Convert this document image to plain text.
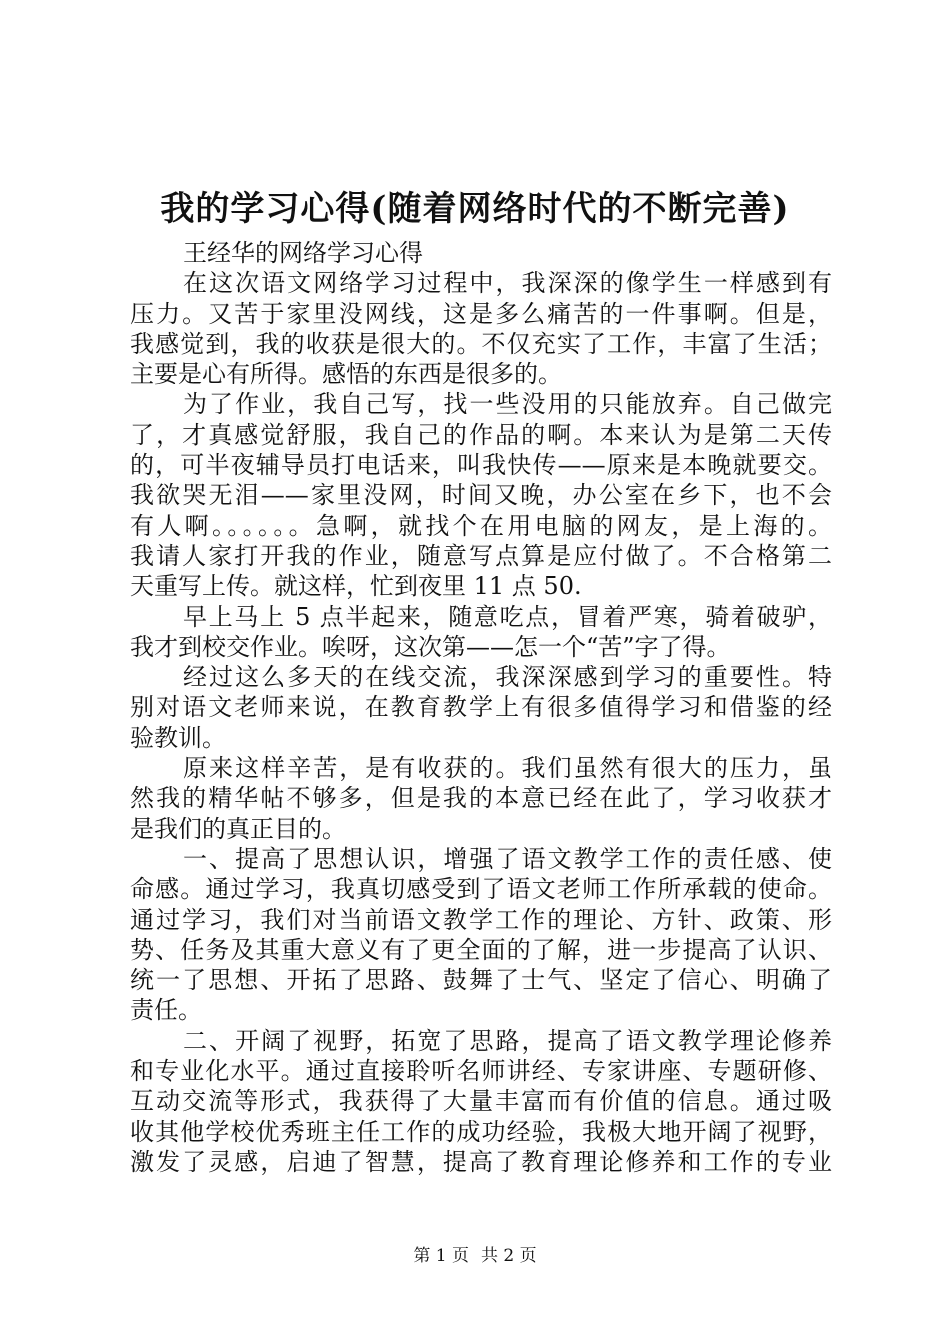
我的学习心得(随着网络时代的不断完善)
王经华的网络学习心得
在这次语文网络学习过程中，我深深的像学生一样感到有
压力。又苦于家里没网线，这是多么痛苦的一件事啊。但是，
我感觉到，我的收获是很大的。不仅充实了工作，丰富了生活；
主要是心有所得。感悟的东西是很多的。
为了作业，我自己写，找一些没用的只能放弃。自己做完
了，才真感觉舒服，我自己的作品的啊。本来认为是第二天传
的，可半夜辅导员打电话来，叫我快传——原来是本晚就要交。
我欲哭无泪——家里没网，时间又晚，办公室在乡下，也不会
有人啊。。。。。。急啊，就找个在用电脑的网友，是上海的。
我请人家打开我的作业，随意写点算是应付做了。不合格第二
天重写上传。就这样，忙到夜里 11 点 50.
早上马上 5 点半起来，随意吃点，冒着严寒，骑着破驴，
我才到校交作业。唉呀，这次第——怎一个“苦”字了得。
经过这么多天的在线交流，我深深感到学习的重要性。特
别对语文老师来说，在教育教学上有很多值得学习和借鉴的经
验教训。
原来这样辛苦，是有收获的。我们虽然有很大的压力，虽
然我的精华帖不够多，但是我的本意已经在此了，学习收获才
是我们的真正目的。
一、提高了思想认识，增强了语文教学工作的责任感、使
命感。通过学习，我真切感受到了语文老师工作所承载的使命。
通过学习，我们对当前语文教学工作的理论、方针、政策、形
势、任务及其重大意义有了更全面的了解，进一步提高了认识、
统一了思想、开拓了思路、鼓舞了士气、坚定了信心、明确了
责任。
二、开阔了视野，拓宽了思路，提高了语文教学理论修养
和专业化水平。通过直接聆听名师讲经、专家讲座、专题研修、
互动交流等形式，我获得了大量丰富而有价值的信息。通过吸
收其他学校优秀班主任工作的成功经验，我极大地开阔了视野，
激发了灵感，启迪了智慧，提高了教育理论修养和工作的专业
第 1 页 共 2 页
